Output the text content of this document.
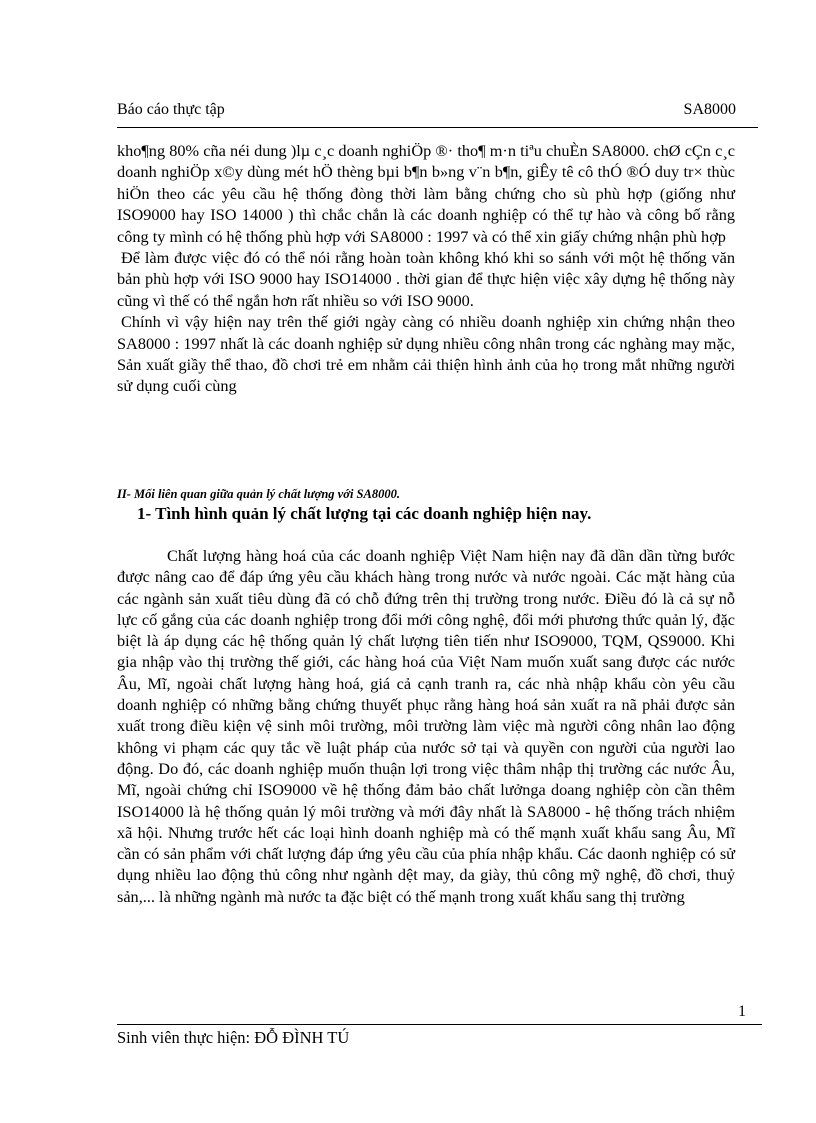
Báo cáo thực tập	SA8000

kho¶ng 80% cña néi dung )lµ c¸c doanh nghiÖp ®· tho¶ m·n tiªu chuÈn SA8000. chØ cÇn c¸c doanh nghiÖp x©y dùng mét hÖ thèng bµi b¶n b»ng v¨n b¶n, giÊy tê cô thÓ ®Ó duy tr× thùc hiÖn theo các yêu cầu hệ thống đòng thời làm bằng chứng cho sù phù hợp (giống như ISO9000 hay ISO 14000 ) thì chắc chắn là các doanh nghiệp có thể tự hào và công bố rằng công ty mình có hệ thống phù hợp với SA8000 : 1997 và có thể xin giấy chứng nhận phù hợp

Để làm được việc đó có thể nói rằng hoàn toàn không khó khi so sánh với một hệ thống văn bản phù hợp với ISO 9000 hay ISO14000 . thời gian để thực hiện việc xây dựng hệ thống này cũng vì thế có thể ngắn hơn rất nhiều so với ISO 9000.

Chính vì vậy hiện nay trên thế giới ngày càng có nhiều doanh nghiệp xin chứng nhận theo SA8000 : 1997 nhất là các doanh nghiệp sử dụng nhiều công nhân trong các nghàng may mặc, Sản xuất giầy thể thao, đồ chơi trẻ em nhằm cải thiện hình ảnh của họ trong mắt những người sử dụng cuối cùng

II- Mối liên quan giữa quản lý chất lượng với SA8000.
1- Tình hình quản lý chất lượng tại các doanh nghiệp hiện nay.

Chất lượng hàng hoá của các doanh nghiệp Việt Nam hiện nay đã dần dần từng bước được nâng cao để đáp ứng yêu cầu khách hàng trong nước và nước ngoài. Các mặt hàng của các ngành sản xuất tiêu dùng đã có chỗ đứng trên thị trường trong nước. Điều đó là cả sự nỗ lực cố gắng của các doanh nghiệp trong đổi mới công nghệ, đổi mới phương thức quản lý, đặc biệt là áp dụng các hệ thống quản lý chất lượng tiên tiến như ISO9000, TQM, QS9000. Khi gia nhập vào thị trường thế giới, các hàng hoá của Việt Nam muốn xuất sang được các nước Âu, Mĩ, ngoài chất lượng hàng hoá, giá cả cạnh tranh ra, các nhà nhập khẩu còn yêu cầu doanh nghiệp có những bằng chứng thuyết phục rằng hàng hoá sản xuất ra nã phải được sản xuất trong điều kiện vệ sinh môi trường, môi trường làm việc mà người công nhân lao động không vi phạm các quy tắc về luật pháp của nước sở tại và quyền con người của người lao động. Do đó, các doanh nghiệp muốn thuận lợi trong việc thâm nhập thị trường các nước Âu, Mĩ, ngoài chứng chỉ ISO9000 về hệ thống đảm bảo chất lưởnga doang nghiệp còn cần thêm ISO14000 là hệ thống quản lý môi trường và mới đây nhất là SA8000 - hệ thống trách nhiệm xã hội. Nhưng trước hết các loại hình doanh nghiệp mà có thế mạnh xuất khẩu sang Âu, Mĩ cần có sản phẩm với chất lượng đáp ứng yêu cầu của phía nhập khẩu. Các daonh nghiệp có sử dụng nhiều lao động thủ công như ngành dệt may, da giày, thủ công mỹ nghệ, đồ chơi, thuỷ sản,... là những ngành mà nước ta đặc biệt có thế mạnh trong xuất khẩu sang thị trường

1
Sinh viên thực hiện: ĐỖ ĐÌNH TÚ
